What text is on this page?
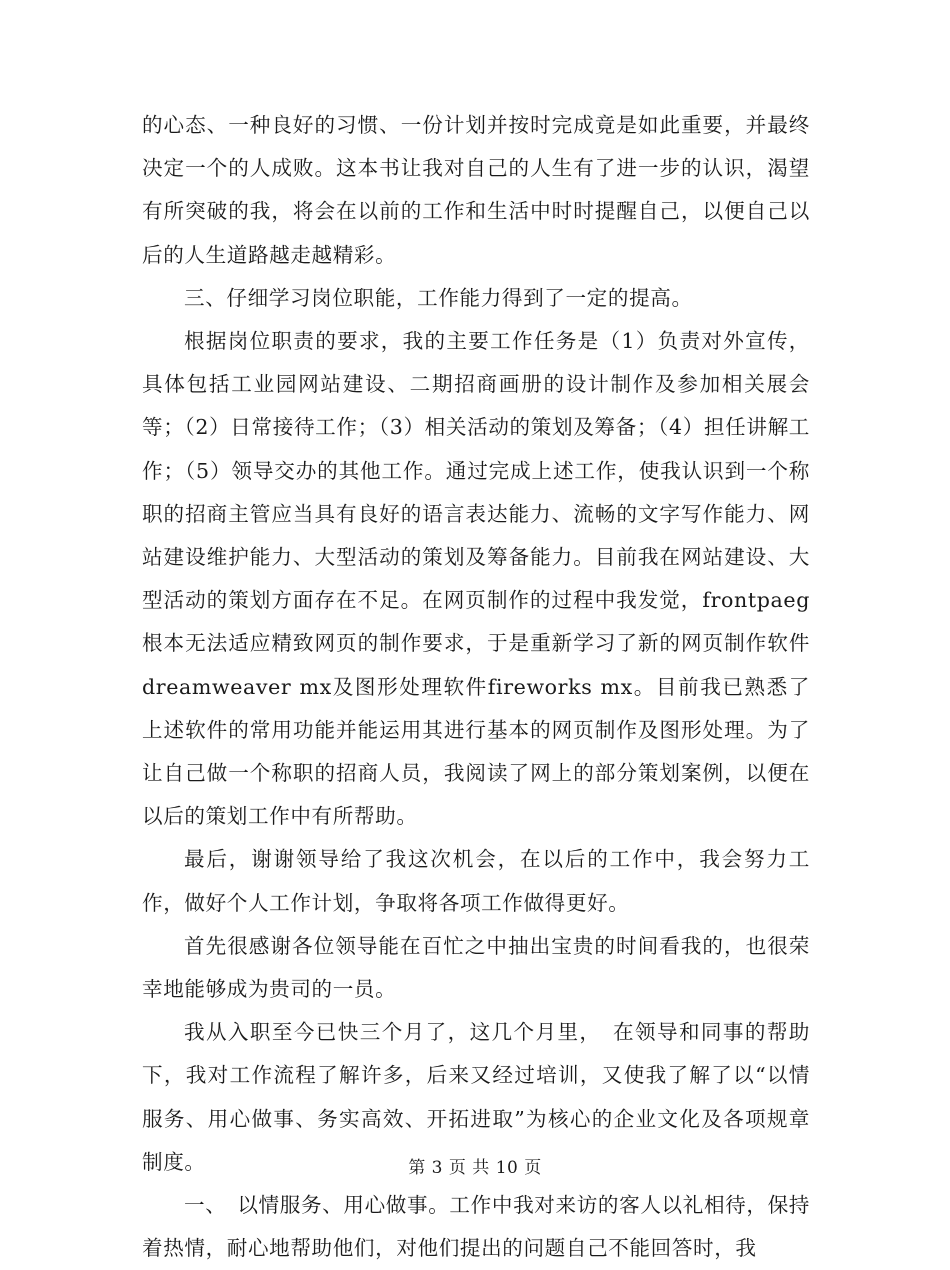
的心态、一种良好的习惯、一份计划并按时完成竟是如此重要，并最终决定一个的人成败。这本书让我对自己的人生有了进一步的认识，渴望有所突破的我，将会在以前的工作和生活中时时提醒自己，以便自己以后的人生道路越走越精彩。

三、仔细学习岗位职能，工作能力得到了一定的提高。

根据岗位职责的要求，我的主要工作任务是（1）负责对外宣传，具体包括工业园网站建设、二期招商画册的设计制作及参加相关展会等；（2）日常接待工作；（3）相关活动的策划及筹备；（4）担任讲解工作；（5）领导交办的其他工作。通过完成上述工作，使我认识到一个称职的招商主管应当具有良好的语言表达能力、流畅的文字写作能力、网站建设维护能力、大型活动的策划及筹备能力。目前我在网站建设、大型活动的策划方面存在不足。在网页制作的过程中我发觉，frontpaeg根本无法适应精致网页的制作要求，于是重新学习了新的网页制作软件dreamweaver mx及图形处理软件fireworks mx。目前我已熟悉了上述软件的常用功能并能运用其进行基本的网页制作及图形处理。为了让自己做一个称职的招商人员，我阅读了网上的部分策划案例，以便在以后的策划工作中有所帮助。

最后，谢谢领导给了我这次机会，在以后的工作中，我会努力工作，做好个人工作计划，争取将各项工作做得更好。

首先很感谢各位领导能在百忙之中抽出宝贵的时间看我的，也很荣幸地能够成为贵司的一员。

我从入职至今已快三个月了，这几个月里，　在领导和同事的帮助下，我对工作流程了解许多，后来又经过培训，又使我了解了以“以情服务、用心做事、务实高效、开拓进取”为核心的企业文化及各项规章制度。

一、　以情服务、用心做事。工作中我对来访的客人以礼相待，保持着热情，耐心地帮助他们，对他们提出的问题自己不能回答时，我

第 3 页 共 10 页
